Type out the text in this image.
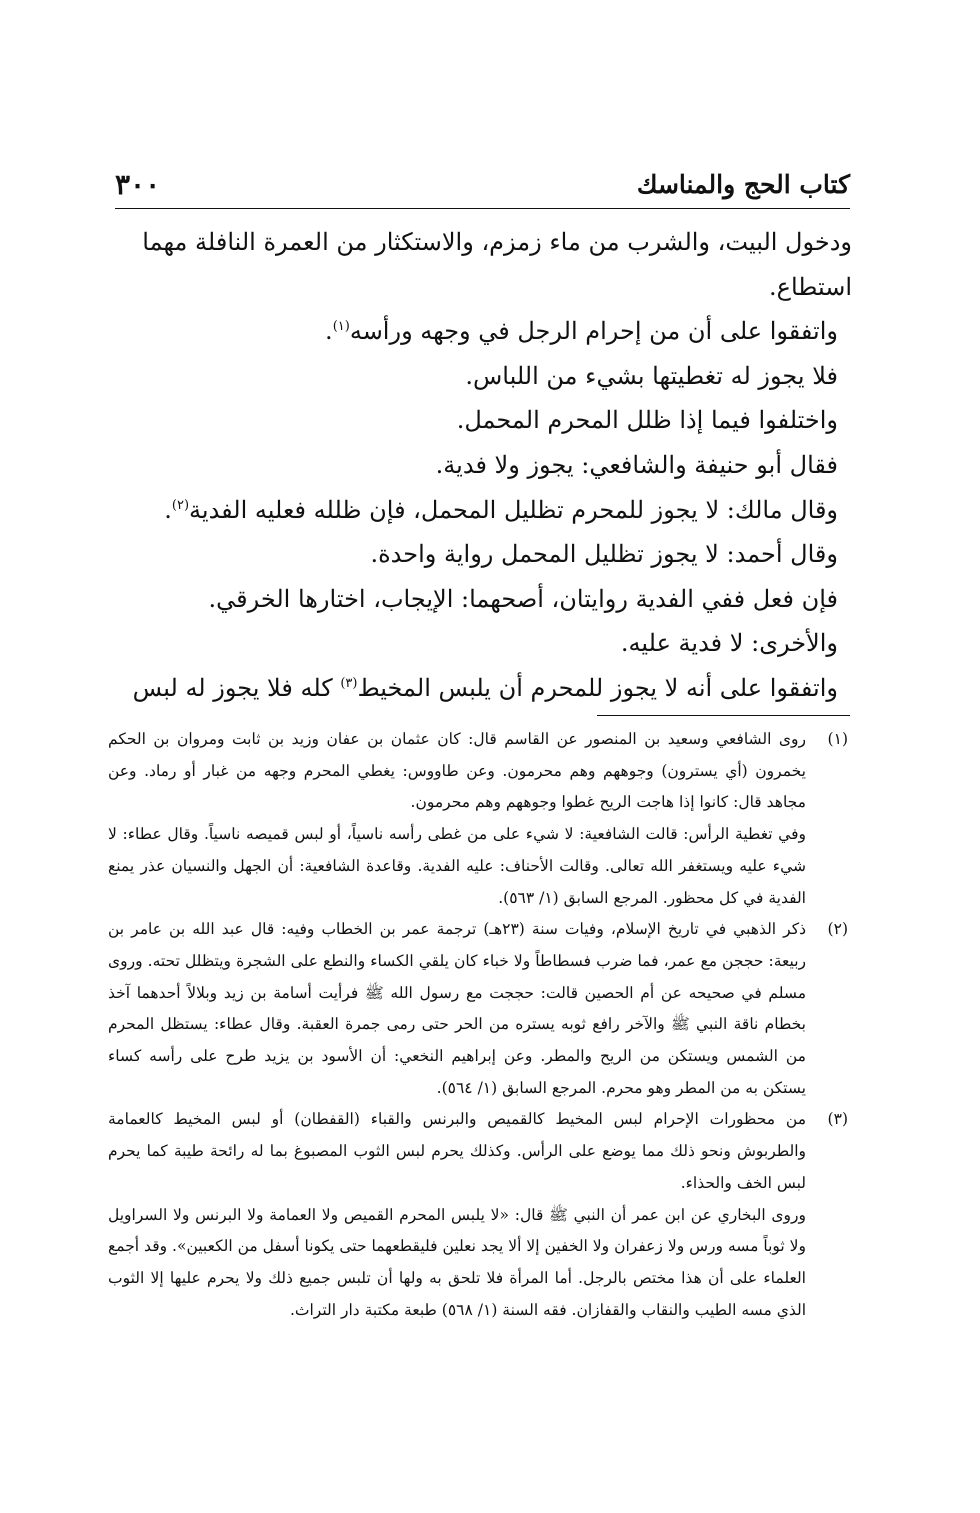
كتاب الحج والمناسك
٣٠٠

ودخول البيت، والشرب من ماء زمزم، والاستكثار من العمرة النافلة مهما استطاع.

واتفقوا على أن من إحرام الرجل في وجهه ورأسه$^{(١)}$.

فلا يجوز له تغطيتها بشيء من اللباس.

واختلفوا فيما إذا ظلل المحرم المحمل.

فقال أبو حنيفة والشافعي: يجوز ولا فدية.

وقال مالك: لا يجوز للمحرم تظليل المحمل، فإن ظلله فعليه الفدية$^{(٢)}$.

وقال أحمد: لا يجوز تظليل المحمل رواية واحدة.

فإن فعل ففي الفدية روايتان، أصحهما: الإيجاب، اختارها الخرقي.

والأخرى: لا فدية عليه.

واتفقوا على أنه لا يجوز للمحرم أن يلبس المخيط$^{(٣)}$ كله فلا يجوز له لبس

(١)

روى الشافعي وسعيد بن المنصور عن القاسم قال: كان عثمان بن عفان وزيد بن ثابت ومروان بن الحكم يخمرون (أي يسترون) وجوههم وهم محرمون. وعن طاووس: يغطي المحرم وجهه من غبار أو رماد. وعن مجاهد قال: كانوا إذا هاجت الريح غطوا وجوههم وهم محرمون.

وفي تغطية الرأس: قالت الشافعية: لا شيء على من غطى رأسه ناسياً، أو لبس قميصه ناسياً. وقال عطاء: لا شيء عليه ويستغفر الله تعالى. وقالت الأحناف: عليه الفدية. وقاعدة الشافعية: أن الجهل والنسيان عذر يمنع الفدية في كل محظور. المرجع السابق (١/ ٥٦٣).

(٢)

ذكر الذهبي في تاريخ الإسلام، وفيات سنة (٢٣هـ) ترجمة عمر بن الخطاب وفيه: قال عبد الله بن عامر بن ربيعة: حججن مع عمر، فما ضرب فسطاطاً ولا خباء كان يلقي الكساء والنطع على الشجرة ويتظلل تحته. وروى مسلم في صحيحه عن أم الحصين قالت: حججت مع رسول الله ﷺ فرأيت أسامة بن زيد وبلالاً أحدهما آخذ بخطام ناقة النبي ﷺ والآخر رافع ثوبه يستره من الحر حتى رمى جمرة العقبة. وقال عطاء: يستظل المحرم من الشمس ويستكن من الريح والمطر. وعن إبراهيم النخعي: أن الأسود بن يزيد طرح على رأسه كساء يستكن به من المطر وهو محرم. المرجع السابق (١/ ٥٦٤).

(٣)

من محظورات الإحرام لبس المخيط كالقميص والبرنس والقباء (القفطان) أو لبس المخيط كالعمامة والطربوش ونحو ذلك مما يوضع على الرأس. وكذلك يحرم لبس الثوب المصبوغ بما له رائحة طيبة كما يحرم لبس الخف والحذاء.

وروى البخاري عن ابن عمر أن النبي ﷺ قال: «لا يلبس المحرم القميص ولا العمامة ولا البرنس ولا السراويل ولا ثوباً مسه ورس ولا زعفران ولا الخفين إلا ألا يجد نعلين فليقطعهما حتى يكونا أسفل من الكعبين». وقد أجمع العلماء على أن هذا مختص بالرجل. أما المرأة فلا تلحق به ولها أن تلبس جميع ذلك ولا يحرم عليها إلا الثوب الذي مسه الطيب والنقاب والقفازان. فقه السنة (١/ ٥٦٨) طبعة مكتبة دار التراث.
